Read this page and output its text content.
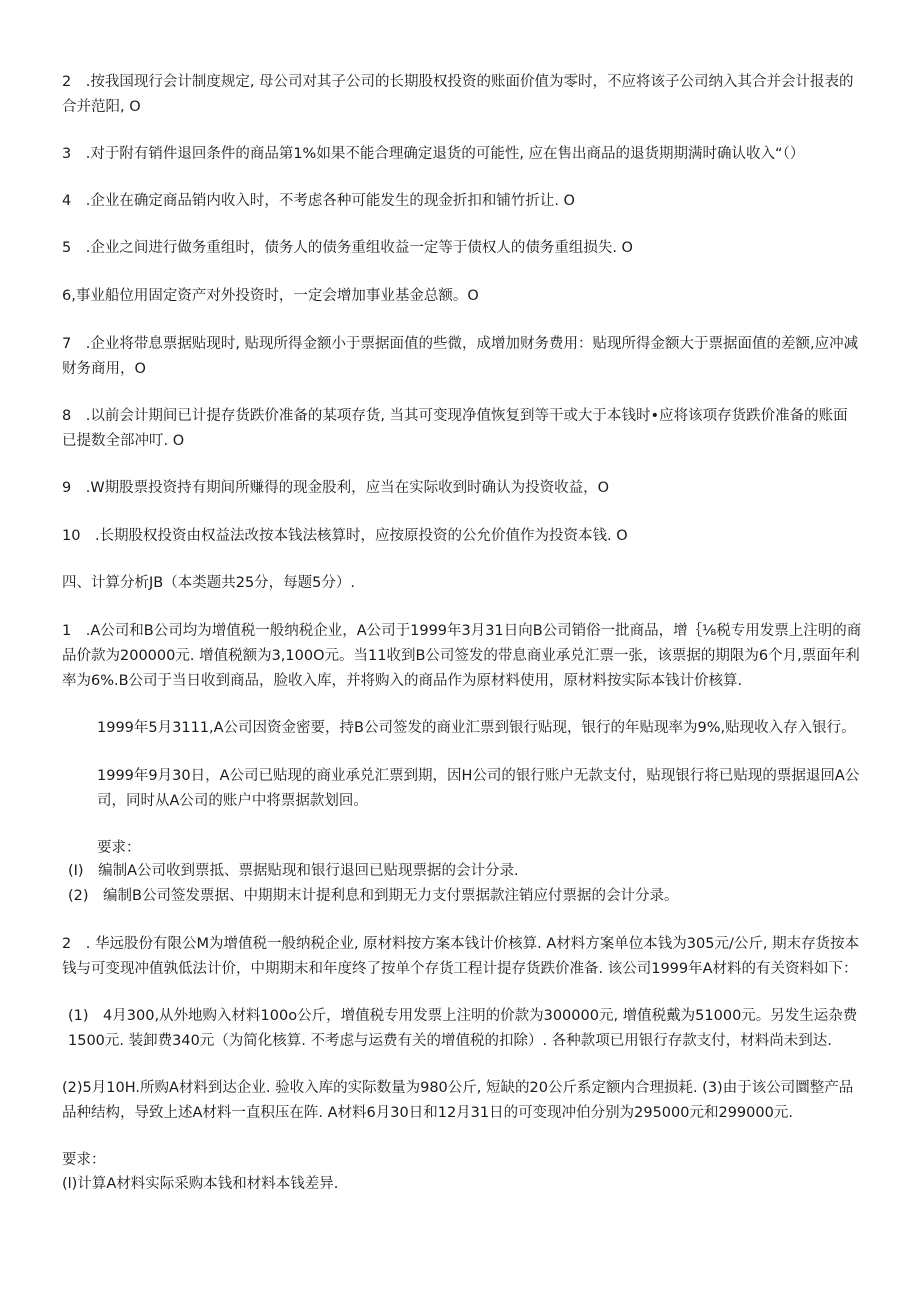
2　.按我国现行会计制度规定, 母公司对其子公司的长期股权投资的账面价值为零时，不应将该子公司纳入其合并会计报表的合并范阳, O

3　.对于附有销件退回条件的商品第1%如果不能合理确定退货的可能性, 应在售出商品的退货期期满时确认收入“（）

4　.企业在确定商品销内收入时，不考虑各种可能发生的现金折扣和铺竹折让. O

5　.企业之间进行做务重组时，债务人的债务重组收益一定等于债权人的债务重组损失. O

6,事业船位用固定资产对外投资时，一定会增加事业基金总额。O

7　.企业将带息票据贴现时, 贴现所得金额小于票据面值的些微，成增加财务费用：贴现所得金额大于票据面值的差额,应冲减财务商用，O

8　.以前会计期间已计提存货跌价准备的某项存货, 当其可变现净值恢复到等干或大于本钱时•应将该项存货跌价准备的账面已提数全部冲叮. O

9　.W期股票投资持有期间所赚得的现金股利，应当在实际收到时确认为投资收益，O

10　.长期股权投资由权益法改按本钱法核算时，应按原投资的公允价值作为投资本钱. O

四、计算分析JB（本类题共25分，每题5分）.

1　.A公司和B公司均为增值税一般纳税企业，A公司于1999年3月31日向B公司销俗一批商品，增｛⅛税专用发票上注明的商品价款为200000元. 增值税额为3,100O元。当11收到B公司签发的带息商业承兑汇票一张，该票据的期限为6个月,票面年利率为6%.B公司于当日收到商品，脸收入库，并将购入的商品作为原材料使用，原材料按实际本钱计价核算.

1999年5月3111,A公司因资金密要，持B公司签发的商业汇票到银行贴现，银行的年贴现率为9%,贴现收入存入银行。

1999年9月30日，A公司已贴现的商业承兑汇票到期，因H公司的银行账户无款支付，贴现银行将已贴现的票据退回A公司，同时从A公司的账户中将票据款划回。

要求：

(I)　编制A公司收到票抵、票据贴现和银行退回已贴现票据的会计分录.

(2)　编制B公司签发票据、中期期末计提利息和到期无力支付票据款注销应付票据的会计分录。

2　. 华远股份有限公M为增值税一般纳税企业, 原材料按方案本钱计价核算. A材料方案单位本钱为305元/公斤, 期末存货按本钱与可变现冲值孰低法计价，中期期末和年度终了按单个存货工程计提存货跌价准备. 该公司1999年A材料的有关资料如下：

(1)　4月300,从外地购入材料100o公斤，增值税专用发票上注明的价款为300000元, 增值税戴为51000元。另发生运杂费1500元. 装卸费340元（为简化核算. 不考虑与运费有关的增值税的扣除）. 各种款项已用银行存款支付，材料尚未到达.

(2)5月10H.所购A材料到达企业. 验收入库的实际数量为980公斤, 短缺的20公斤系定额内合理损耗. (3)由于该公司圜整产品品种结构，导致上述A材料一直积压在阵. A材料6月30日和12月31日的可变现冲伯分别为295000元和299000元.

要求：

(l)计算A材料实际采购本钱和材料本钱差异.
